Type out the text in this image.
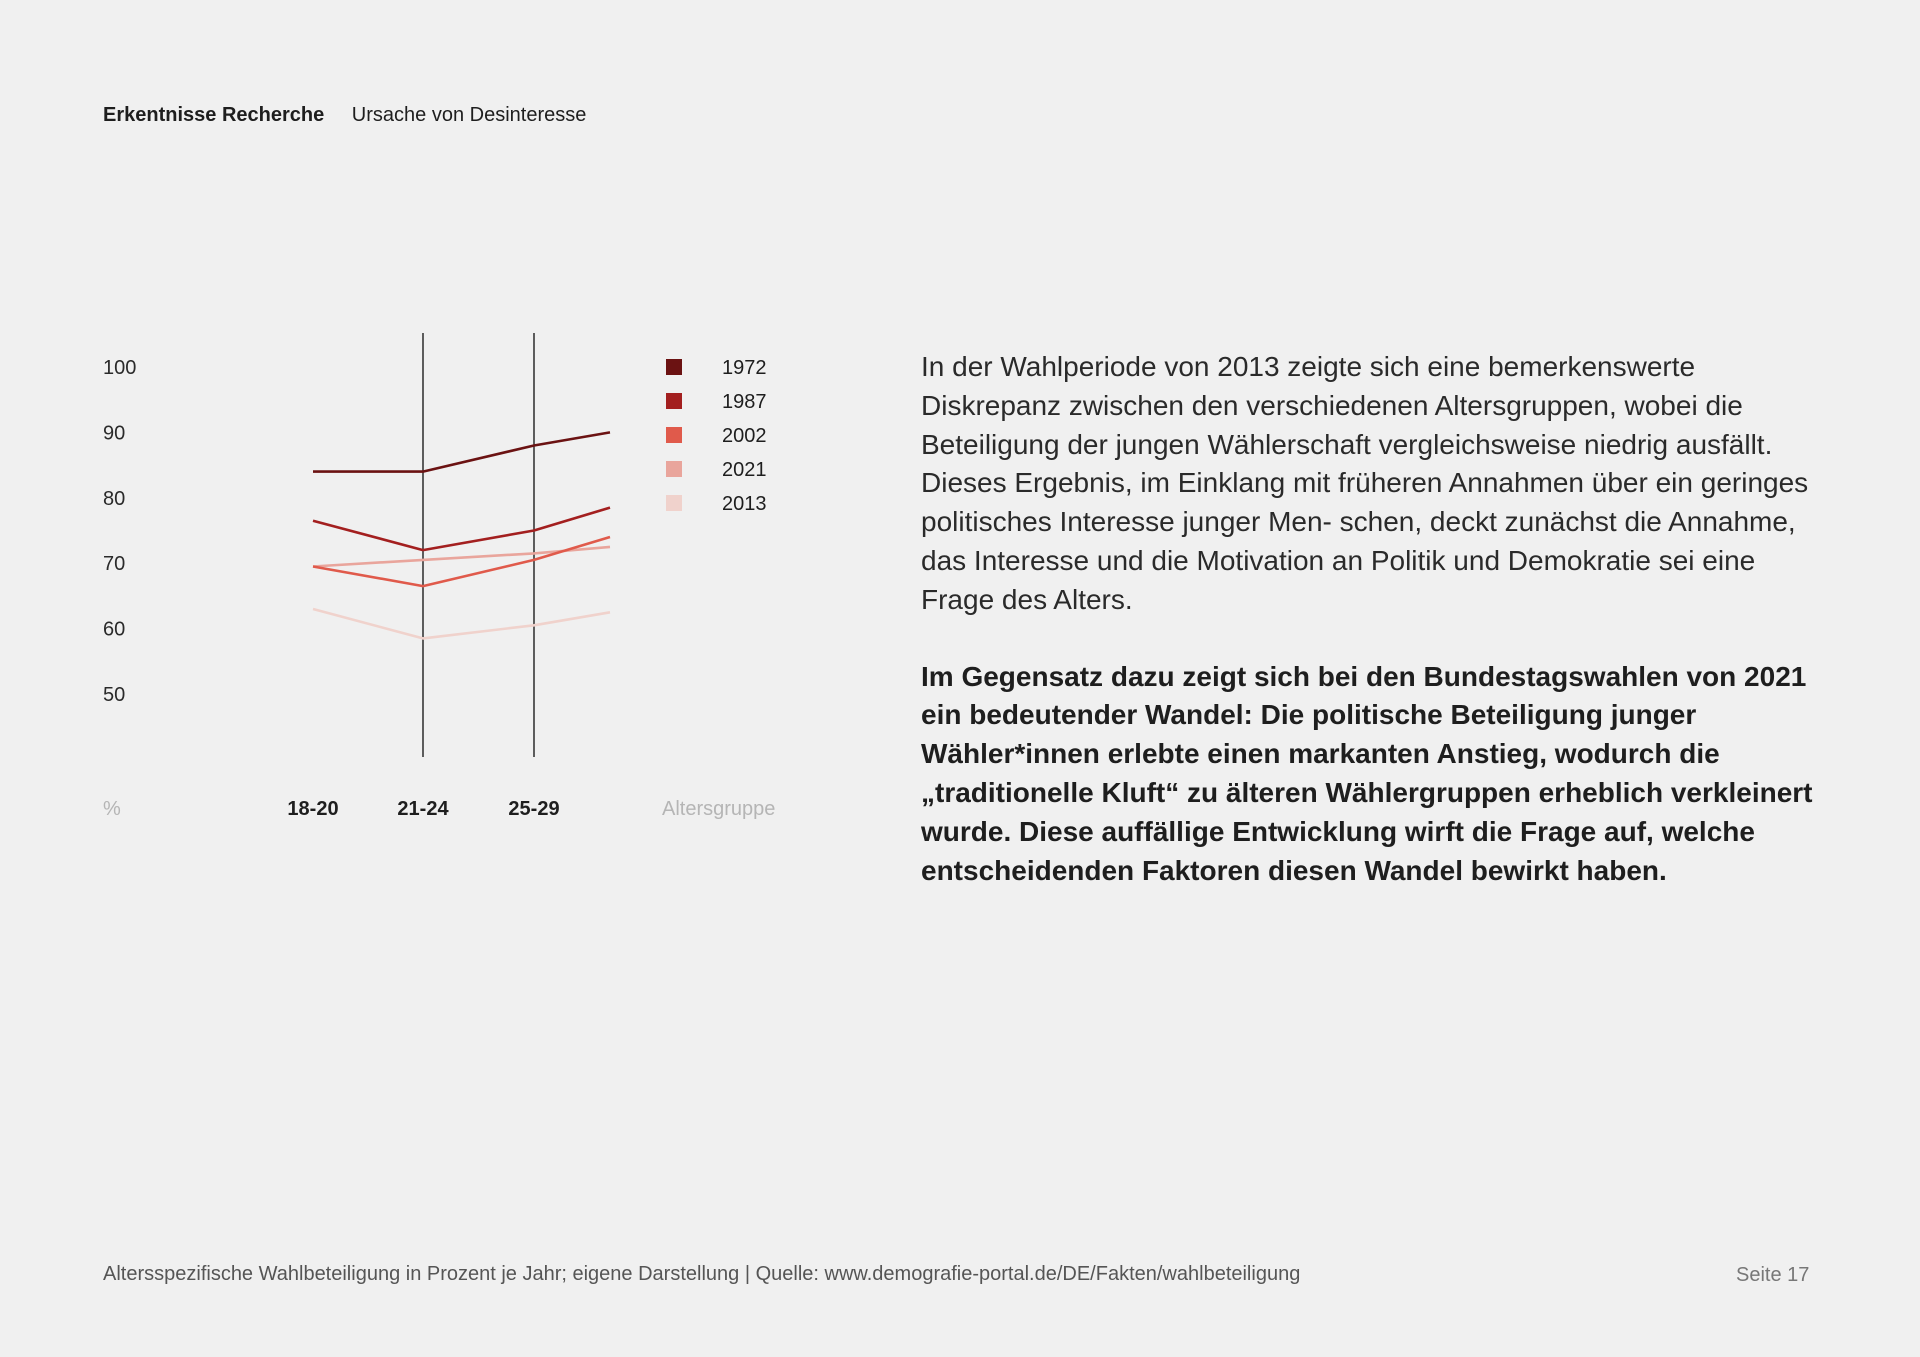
Erkentnisse Recherche Ursache von Desinteresse
100
90
80
70
60
50
%	18-20	21-24	25-29	Altersgruppe
1972
1987
2002
2021
2013

In der Wahlperiode von 2013 zeigte sich eine bemerkenswerte Diskrepanz zwischen den verschiedenen Altersgruppen, wobei die Beteiligung der jungen Wählerschaft vergleichsweise niedrig ausfällt. Dieses Ergebnis, im Einklang mit früheren Annahmen über ein geringes politisches Interesse junger Men- schen, deckt zunächst die Annahme, das Interesse und die Motivation an Politik und Demokratie sei eine Frage des Alters.

Im Gegensatz dazu zeigt sich bei den Bundestagswahlen von 2021 ein bedeutender Wandel: Die politische Beteiligung junger Wähler*innen erlebte einen markanten Anstieg, wodurch die „traditionelle Kluft“ zu älteren Wählergruppen erheblich verkleinert wurde. Diese auffällige Entwicklung wirft die Frage auf, welche entscheidenden Faktoren diesen Wandel bewirkt haben.

Altersspezifische Wahlbeteiligung in Prozent je Jahr; eigene Darstellung | Quelle: www.demografie-portal.de/DE/Fakten/wahlbeteiligung	Seite 17
